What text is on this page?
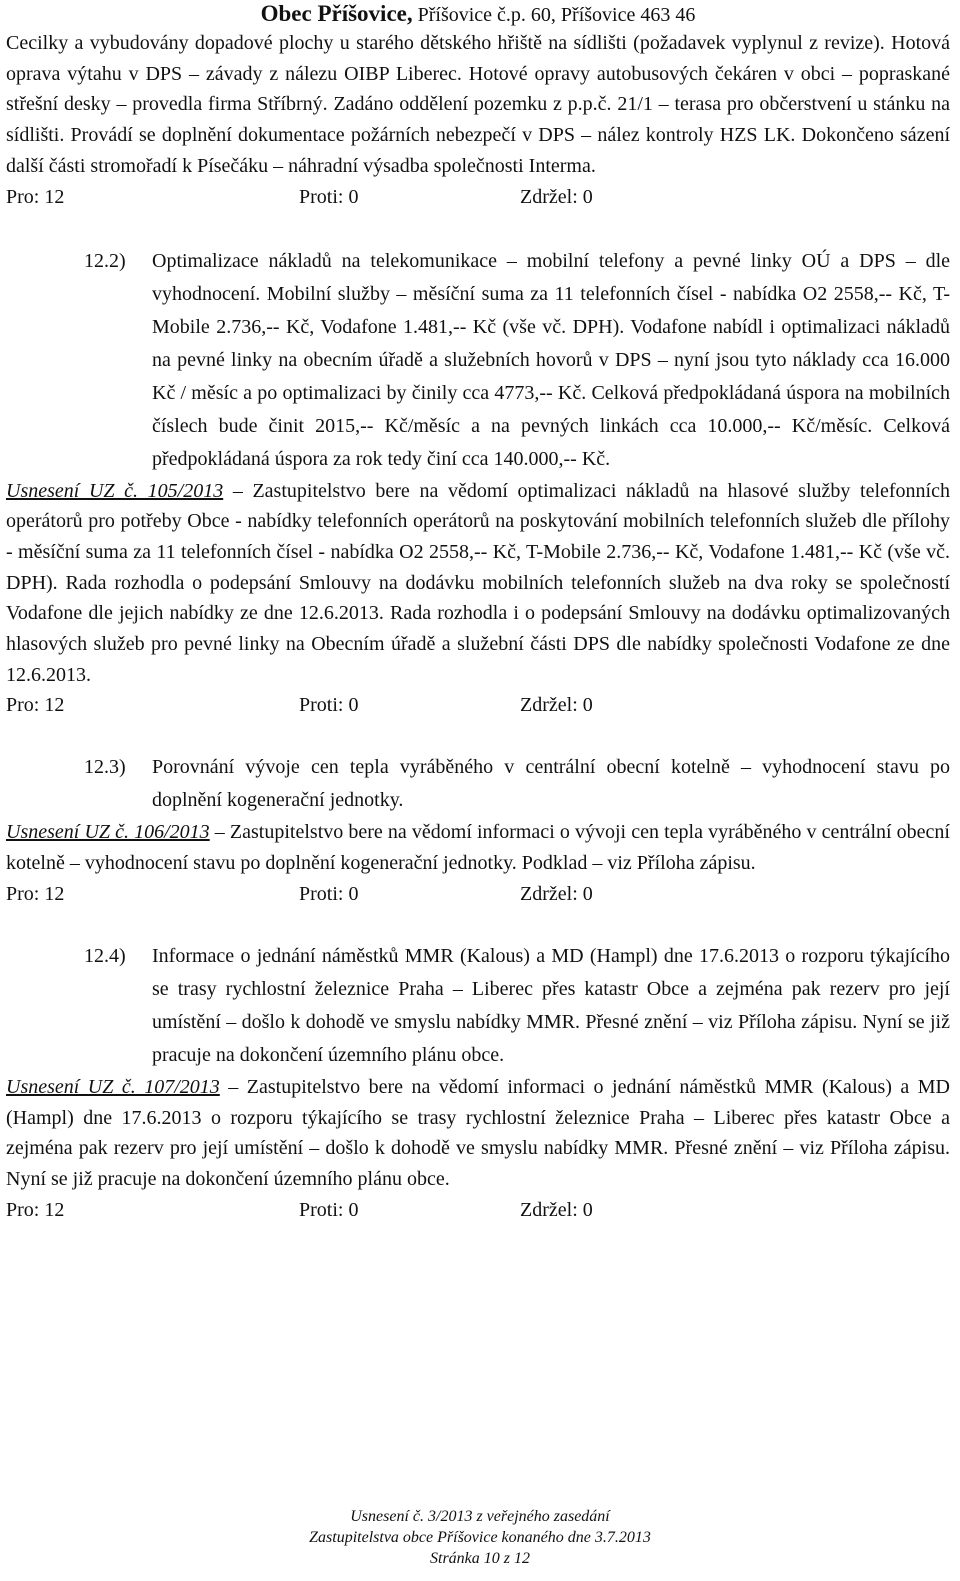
Obec Příšovice, Příšovice č.p. 60, Příšovice 463 46

Cecilky a vybudovány dopadové plochy u starého dětského hřiště na sídlišti (požadavek vyplynul z revize). Hotová oprava výtahu v DPS – závady z nálezu OIBP Liberec. Hotové opravy autobusových čekáren v obci – popraskané střešní desky – provedla firma Stříbrný. Zadáno oddělení pozemku z p.p.č. 21/1 – terasa pro občerstvení u stánku na sídlišti. Provádí se doplnění dokumentace požárních nebezpečí v DPS – nález kontroly HZS LK. Dokončeno sázení další části stromořadí k Písečáku – náhradní výsadba společnosti Interma.

Pro: 12	Proti: 0	Zdržel: 0
12.2) Optimalizace nákladů na telekomunikace – mobilní telefony a pevné linky OÚ a DPS – dle vyhodnocení. Mobilní služby – měsíční suma za 11 telefonních čísel - nabídka O2 2558,-- Kč, T-Mobile 2.736,-- Kč, Vodafone 1.481,-- Kč (vše vč. DPH). Vodafone nabídl i optimalizaci nákladů na pevné linky na obecním úřadě a služebních hovorů v DPS – nyní jsou tyto náklady cca 16.000 Kč / měsíc a po optimalizaci by činily cca 4773,-- Kč. Celková předpokládaná úspora na mobilních číslech bude činit 2015,-- Kč/měsíc a na pevných linkách cca 10.000,-- Kč/měsíc. Celková předpokládaná úspora za rok tedy činí cca 140.000,-- Kč.

Usnesení UZ č. 105/2013 – Zastupitelstvo bere na vědomí optimalizaci nákladů na hlasové služby telefonních operátorů pro potřeby Obce - nabídky telefonních operátorů na poskytování mobilních telefonních služeb dle přílohy - měsíční suma za 11 telefonních čísel - nabídka O2 2558,-- Kč, T-Mobile 2.736,-- Kč, Vodafone 1.481,-- Kč (vše vč. DPH). Rada rozhodla o podepsání Smlouvy na dodávku mobilních telefonních služeb na dva roky se společností Vodafone dle jejich nabídky ze dne 12.6.2013. Rada rozhodla i o podepsání Smlouvy na dodávku optimalizovaných hlasových služeb pro pevné linky na Obecním úřadě a služební části DPS dle nabídky společnosti Vodafone ze dne 12.6.2013.

Pro: 12	Proti: 0	Zdržel: 0
12.3) Porovnání vývoje cen tepla vyráběného v centrální obecní kotelně – vyhodnocení stavu po doplnění kogenerační jednotky.

Usnesení UZ č. 106/2013 – Zastupitelstvo bere na vědomí informaci o vývoji cen tepla vyráběného v centrální obecní kotelně – vyhodnocení stavu po doplnění kogenerační jednotky. Podklad – viz Příloha zápisu.

Pro: 12	Proti: 0	Zdržel: 0
12.4) Informace o jednání náměstků MMR (Kalous) a MD (Hampl) dne 17.6.2013 o rozporu týkajícího se trasy rychlostní železnice Praha – Liberec přes katastr Obce a zejména pak rezerv pro její umístění – došlo k dohodě ve smyslu nabídky MMR. Přesné znění – viz Příloha zápisu. Nyní se již pracuje na dokončení územního plánu obce.

Usnesení UZ č. 107/2013 – Zastupitelstvo bere na vědomí informaci o jednání náměstků MMR (Kalous) a MD (Hampl) dne 17.6.2013 o rozporu týkajícího se trasy rychlostní železnice Praha – Liberec přes katastr Obce a zejména pak rezerv pro její umístění – došlo k dohodě ve smyslu nabídky MMR. Přesné znění – viz Příloha zápisu. Nyní se již pracuje na dokončení územního plánu obce.

Pro: 12	Proti: 0	Zdržel: 0
Usnesení č. 3/2013 z veřejného zasedání
Zastupitelstva obce Příšovice konaného dne 3.7.2013
Stránka 10 z 12
